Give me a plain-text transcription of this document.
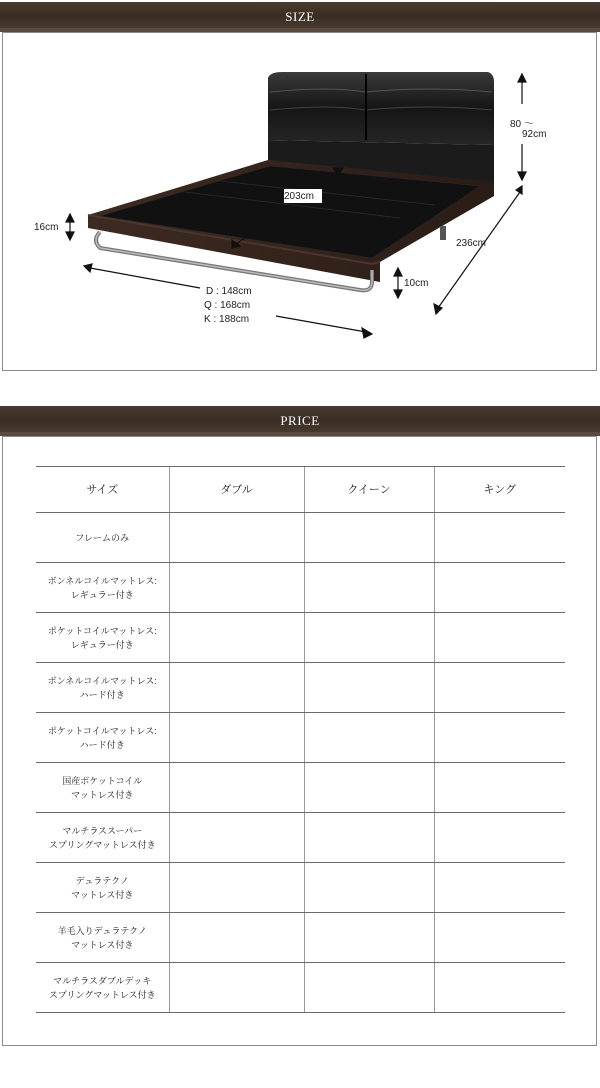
SIZE
80 ～
92cm
236cm
203cm
16cm
10cm
D : 148cm
Q : 168cm
K : 188cm
PRICE
サイズ	ダブル	クイーン	キング

フレームのみ			

ボンネルコイルマットレス:
レギュラー付き			

ポケットコイルマットレス:
レギュラー付き			

ボンネルコイルマットレス:
ハード付き			

ポケットコイルマットレス:
ハード付き			

国産ポケットコイル
マットレス付き			

マルチラススーパー
スプリングマットレス付き			

デュラテクノ
マットレス付き			

羊毛入りデュラテクノ
マットレス付き			

マルチラスダブルデッキ
スプリングマットレス付き			
